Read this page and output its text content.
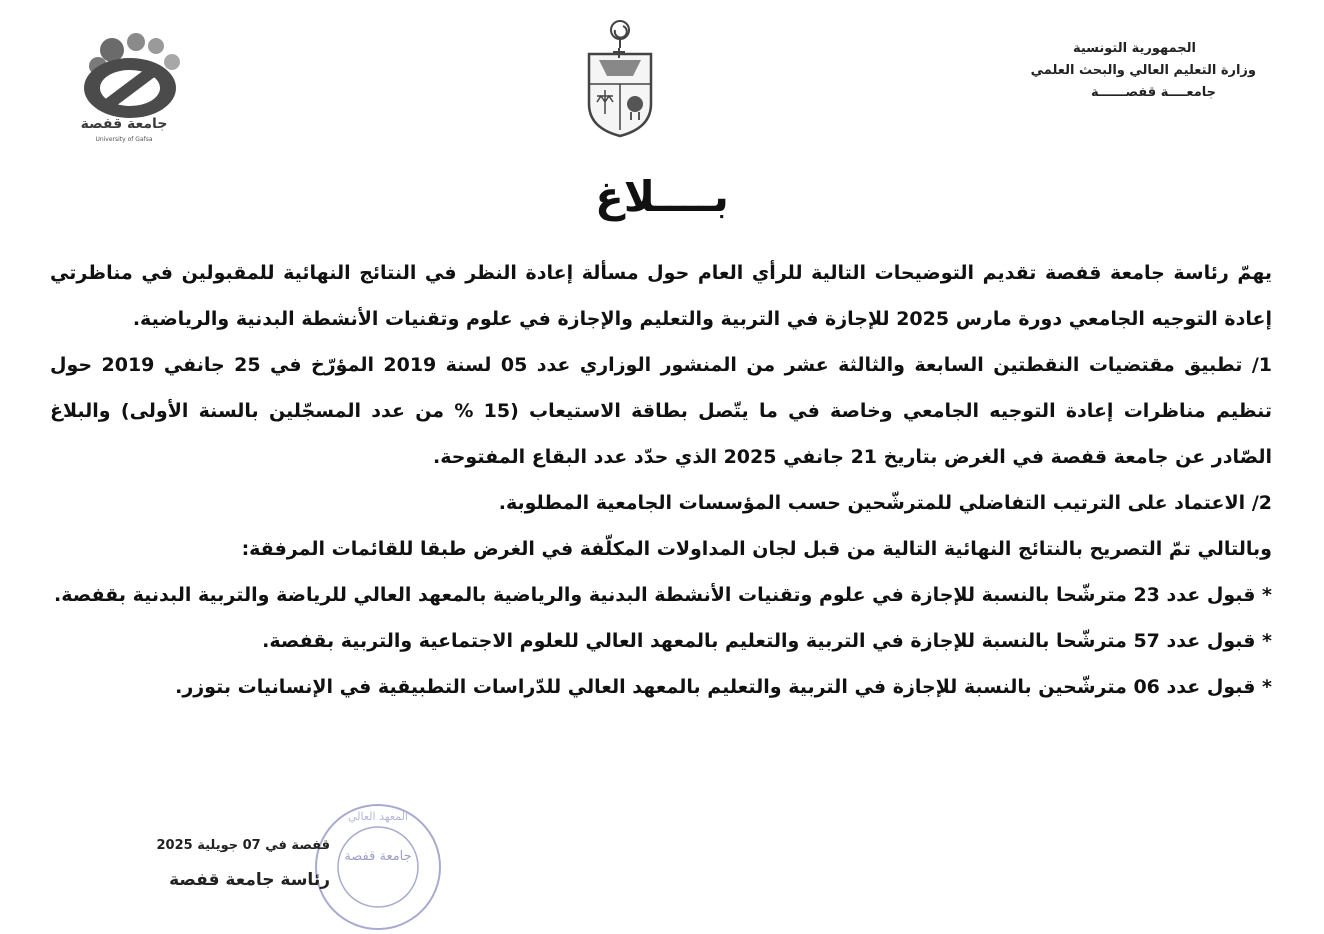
جامعة قفصة
University of Gafsa
الجمهورية التونسية
وزارة التعليم العالي والبحث العلمي
جامعــــة قفصــــــة
بــــلاغ

يهمّ رئاسة جامعة قفصة تقديم التوضيحات التالية للرأي العام حول مسألة إعادة النظر في النتائج النهائية للمقبولين في مناظرتي إعادة التوجيه الجامعي دورة مارس 2025 للإجازة في التربية والتعليم والإجازة في علوم وتقنيات الأنشطة البدنية والرياضية.

1/ تطبيق مقتضيات النقطتين السابعة والثالثة عشر من المنشور الوزاري عدد 05 لسنة 2019 المؤرّخ في 25 جانفي 2019 حول تنظيم مناظرات إعادة التوجيه الجامعي وخاصة في ما يتّصل بطاقة الاستيعاب (15 % من عدد المسجّلين بالسنة الأولى) والبلاغ الصّادر عن جامعة قفصة في الغرض بتاريخ 21 جانفي 2025 الذي حدّد عدد البقاع المفتوحة.

2/ الاعتماد على الترتيب التفاضلي للمترشّحين حسب المؤسسات الجامعية المطلوبة.

وبالتالي تمّ التصريح بالنتائج النهائية التالية من قبل لجان المداولات المكلّفة في الغرض طبقا للقائمات المرفقة:

* قبول عدد 23 مترشّحا بالنسبة للإجازة في علوم وتقنيات الأنشطة البدنية والرياضية بالمعهد العالي للرياضة والتربية البدنية بقفصة.

* قبول عدد 57 مترشّحا بالنسبة للإجازة في التربية والتعليم بالمعهد العالي للعلوم الاجتماعية والتربية بقفصة.

* قبول عدد 06 مترشّحين بالنسبة للإجازة في التربية والتعليم بالمعهد العالي للدّراسات التطبيقية في الإنسانيات بتوزر.

جامعة قفصة
المعهد العالي
قفصة في 07 جويلية 2025
رئاسة جامعة قفصة
